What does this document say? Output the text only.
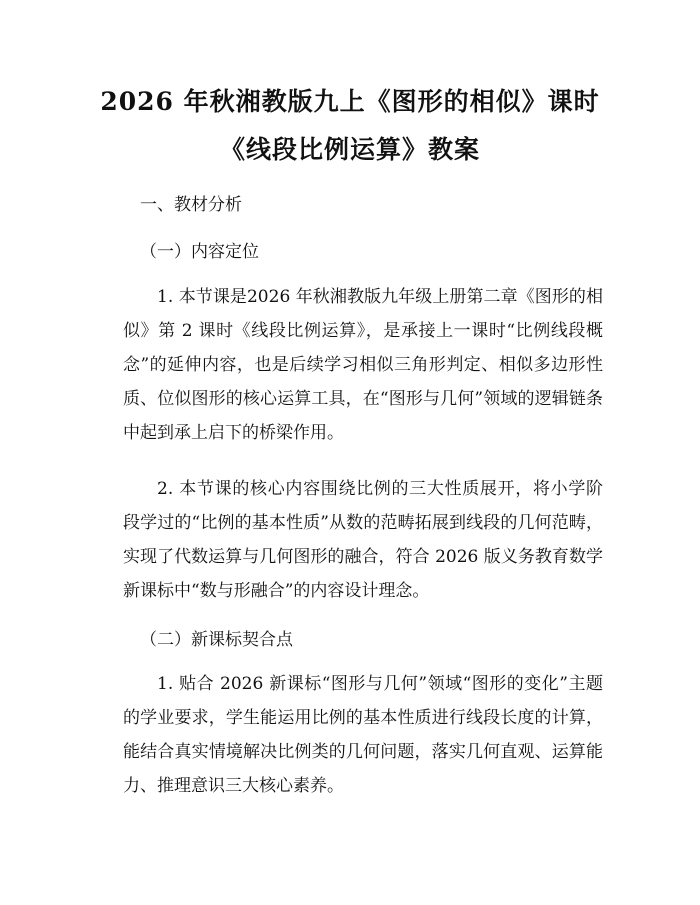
2026 年秋湘教版九上《图形的相似》课时
《线段比例运算》教案

一、教材分析

（一）内容定位

1. 本节课是2026 年秋湘教版九年级上册第二章《图形的相似》第 2 课时《线段比例运算》，是承接上一课时“比例线段概念”的延伸内容，也是后续学习相似三角形判定、相似多边形性质、位似图形的核心运算工具，在“图形与几何”领域的逻辑链条中起到承上启下的桥梁作用。

2. 本节课的核心内容围绕比例的三大性质展开，将小学阶段学过的“比例的基本性质”从数的范畴拓展到线段的几何范畴，实现了代数运算与几何图形的融合，符合 2026 版义务教育数学新课标中“数与形融合”的内容设计理念。

（二）新课标契合点

1. 贴合 2026 新课标“图形与几何”领域“图形的变化”主题的学业要求，学生能运用比例的基本性质进行线段长度的计算，能结合真实情境解决比例类的几何问题，落实几何直观、运算能力、推理意识三大核心素养。
